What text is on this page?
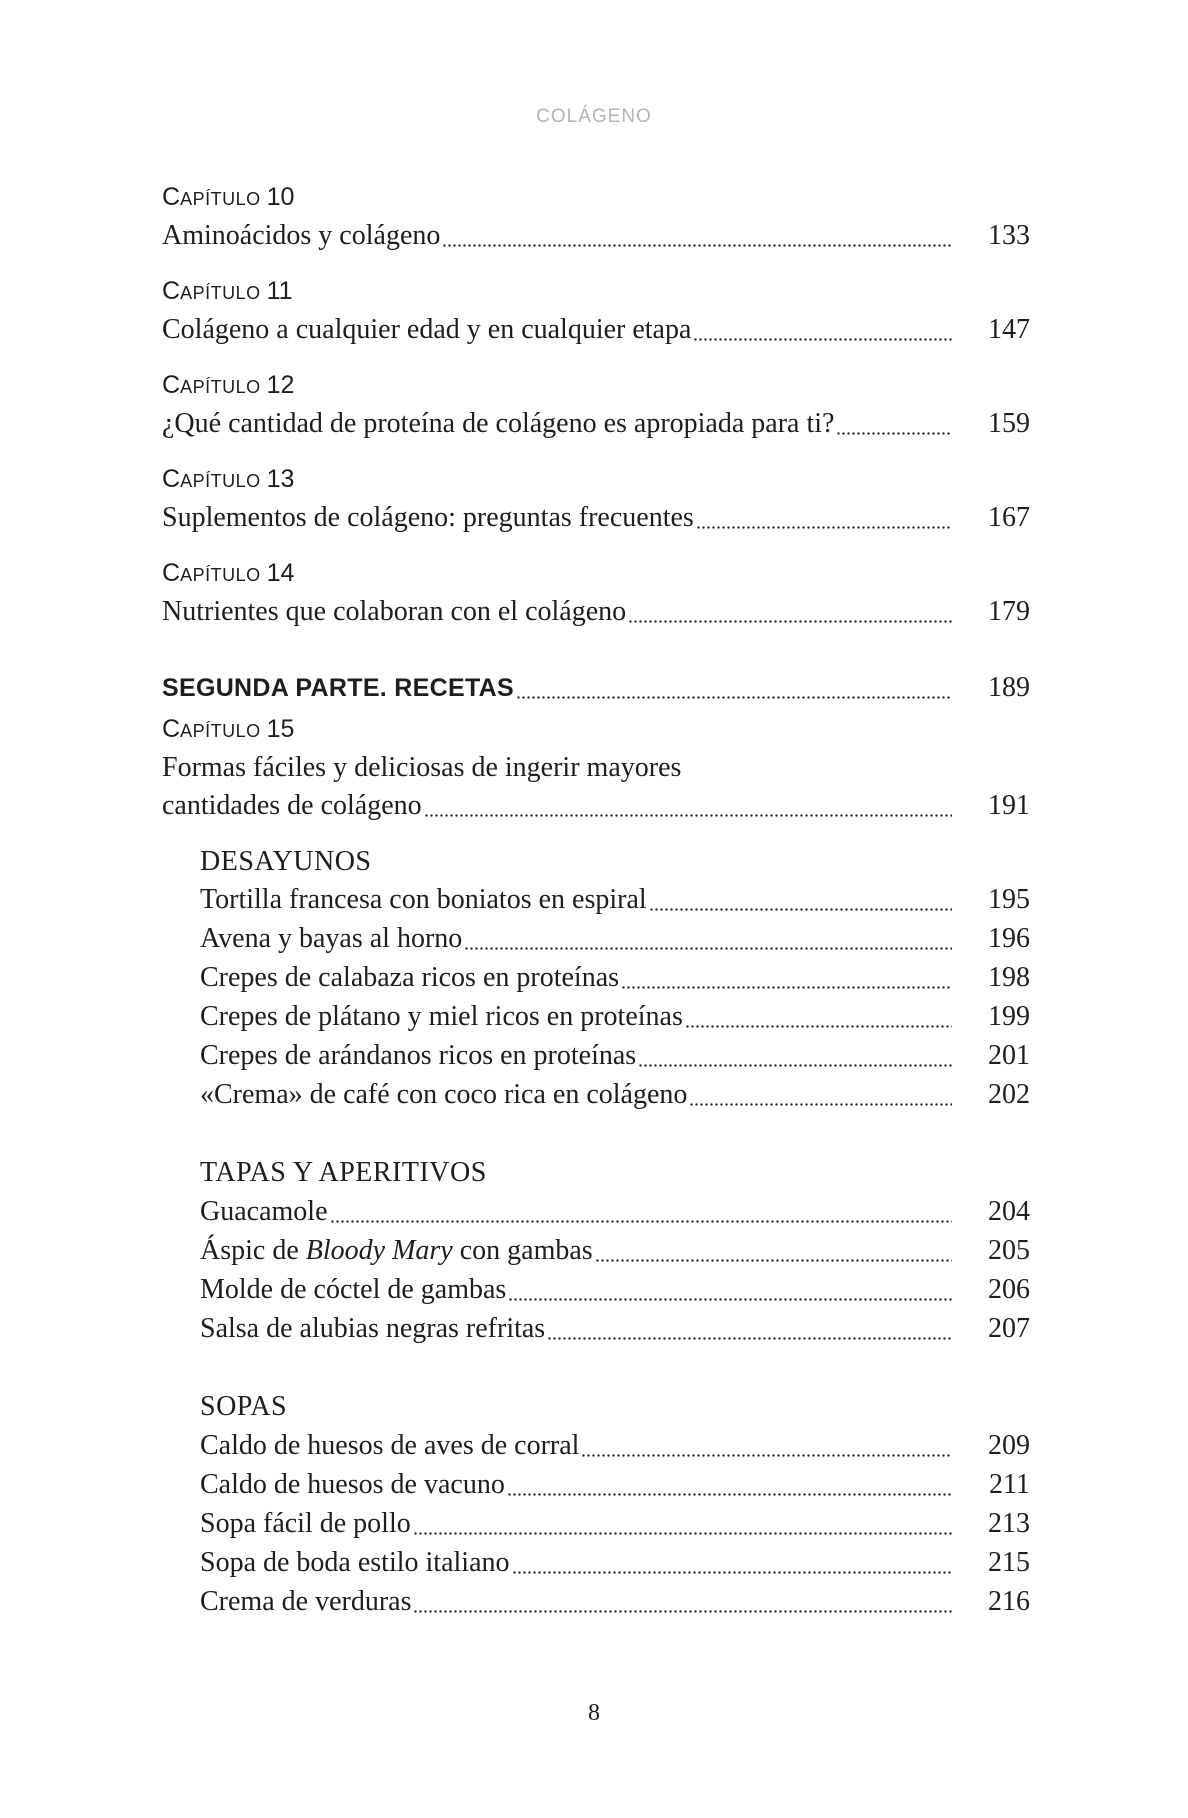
COLÁGENO
CAPÍTULO 10
Aminoácidos y colágeno	133
CAPÍTULO 11
Colágeno a cualquier edad y en cualquier etapa	147
CAPÍTULO 12
¿Qué cantidad de proteína de colágeno es apropiada para ti?	159
CAPÍTULO 13
Suplementos de colágeno: preguntas frecuentes	167
CAPÍTULO 14
Nutrientes que colaboran con el colágeno	179
SEGUNDA PARTE. RECETAS	189
CAPÍTULO 15
Formas fáciles y deliciosas de ingerir mayores
cantidades de colágeno	191
DESAYUNOS
Tortilla francesa con boniatos en espiral	195
Avena y bayas al horno	196
Crepes de calabaza ricos en proteínas	198
Crepes de plátano y miel ricos en proteínas	199
Crepes de arándanos ricos en proteínas	201
«Crema» de café con coco rica en colágeno	202
TAPAS Y APERITIVOS
Guacamole	204
Áspic de Bloody Mary con gambas	205
Molde de cóctel de gambas	206
Salsa de alubias negras refritas	207
SOPAS
Caldo de huesos de aves de corral	209
Caldo de huesos de vacuno	211
Sopa fácil de pollo	213
Sopa de boda estilo italiano	215
Crema de verduras	216
8
